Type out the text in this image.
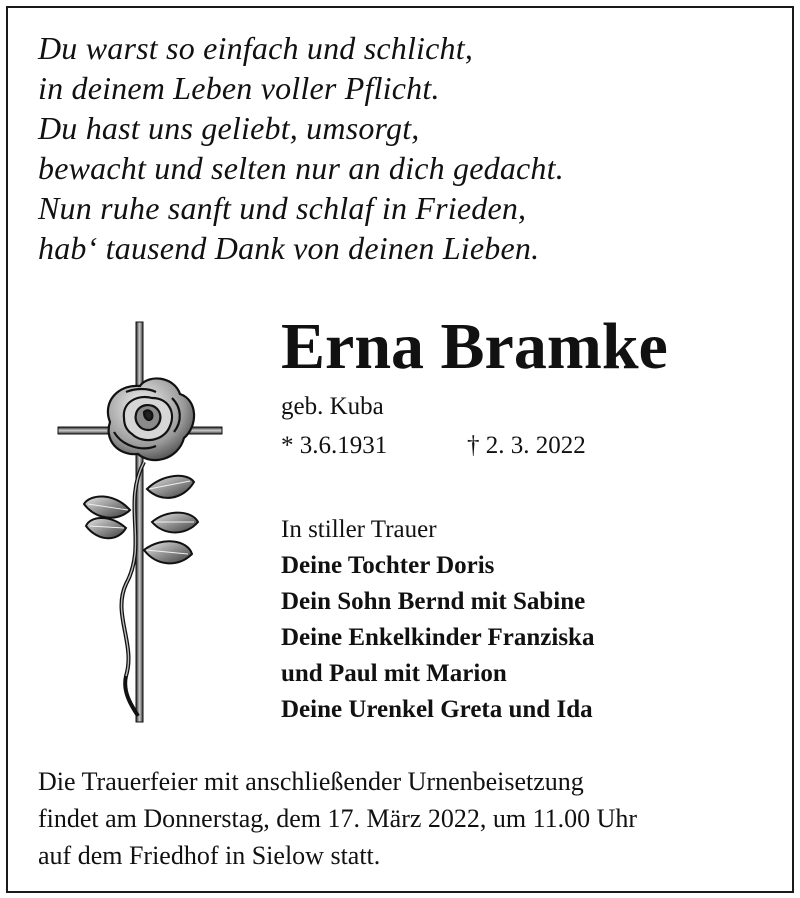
Du warst so einfach und schlicht,
in deinem Leben voller Pflicht.
Du hast uns geliebt, umsorgt,
bewacht und selten nur an dich gedacht.
Nun ruhe sanft und schlaf in Frieden,
hab‘ tausend Dank von deinen Lieben.
Erna Bramke
geb. Kuba
* 3.6.1931	† 2. 3. 2022
In stiller Trauer
Deine Tochter Doris
Dein Sohn Bernd mit Sabine
Deine Enkelkinder Franziska
und Paul mit Marion
Deine Urenkel Greta und Ida
Die Trauerfeier mit anschließender Urnenbeisetzung
findet am Donnerstag, dem 17. März 2022, um 11.00 Uhr
auf dem Friedhof in Sielow statt.
